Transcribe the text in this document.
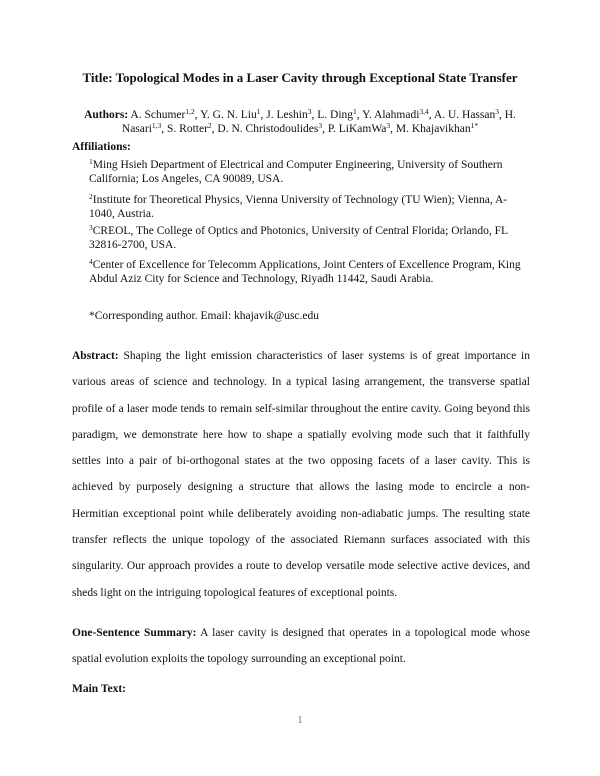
Title: Topological Modes in a Laser Cavity through Exceptional State Transfer
Authors: A. Schumer$^{1,2}$, Y. G. N. Liu$^1$, J. Leshin$^3$, L. Ding$^1$, Y. Alahmadi$^{3,4}$, A. U. Hassan$^3$, H. Nasari$^{1,3}$, S. Rotter$^2$, D. N. Christodoulides$^3$, P. LiKamWa$^3$, M. Khajavikhan$^{1*}$
Affiliations:
$^1$Ming Hsieh Department of Electrical and Computer Engineering, University of Southern California; Los Angeles, CA 90089, USA.
$^2$Institute for Theoretical Physics, Vienna University of Technology (TU Wien); Vienna, A-1040, Austria.
$^3$CREOL, The College of Optics and Photonics, University of Central Florida; Orlando, FL 32816-2700, USA.
$^4$Center of Excellence for Telecomm Applications, Joint Centers of Excellence Program, King Abdul Aziz City for Science and Technology, Riyadh 11442, Saudi Arabia.
*Corresponding author. Email: khajavik@usc.edu
Abstract: Shaping the light emission characteristics of laser systems is of great importance in various areas of science and technology. In a typical lasing arrangement, the transverse spatial profile of a laser mode tends to remain self-similar throughout the entire cavity. Going beyond this paradigm, we demonstrate here how to shape a spatially evolving mode such that it faithfully settles into a pair of bi-orthogonal states at the two opposing facets of a laser cavity. This is achieved by purposely designing a structure that allows the lasing mode to encircle a non-Hermitian exceptional point while deliberately avoiding non-adiabatic jumps. The resulting state transfer reflects the unique topology of the associated Riemann surfaces associated with this singularity. Our approach provides a route to develop versatile mode selective active devices, and sheds light on the intriguing topological features of exceptional points.
One-Sentence Summary: A laser cavity is designed that operates in a topological mode whose spatial evolution exploits the topology surrounding an exceptional point.
Main Text:
1
